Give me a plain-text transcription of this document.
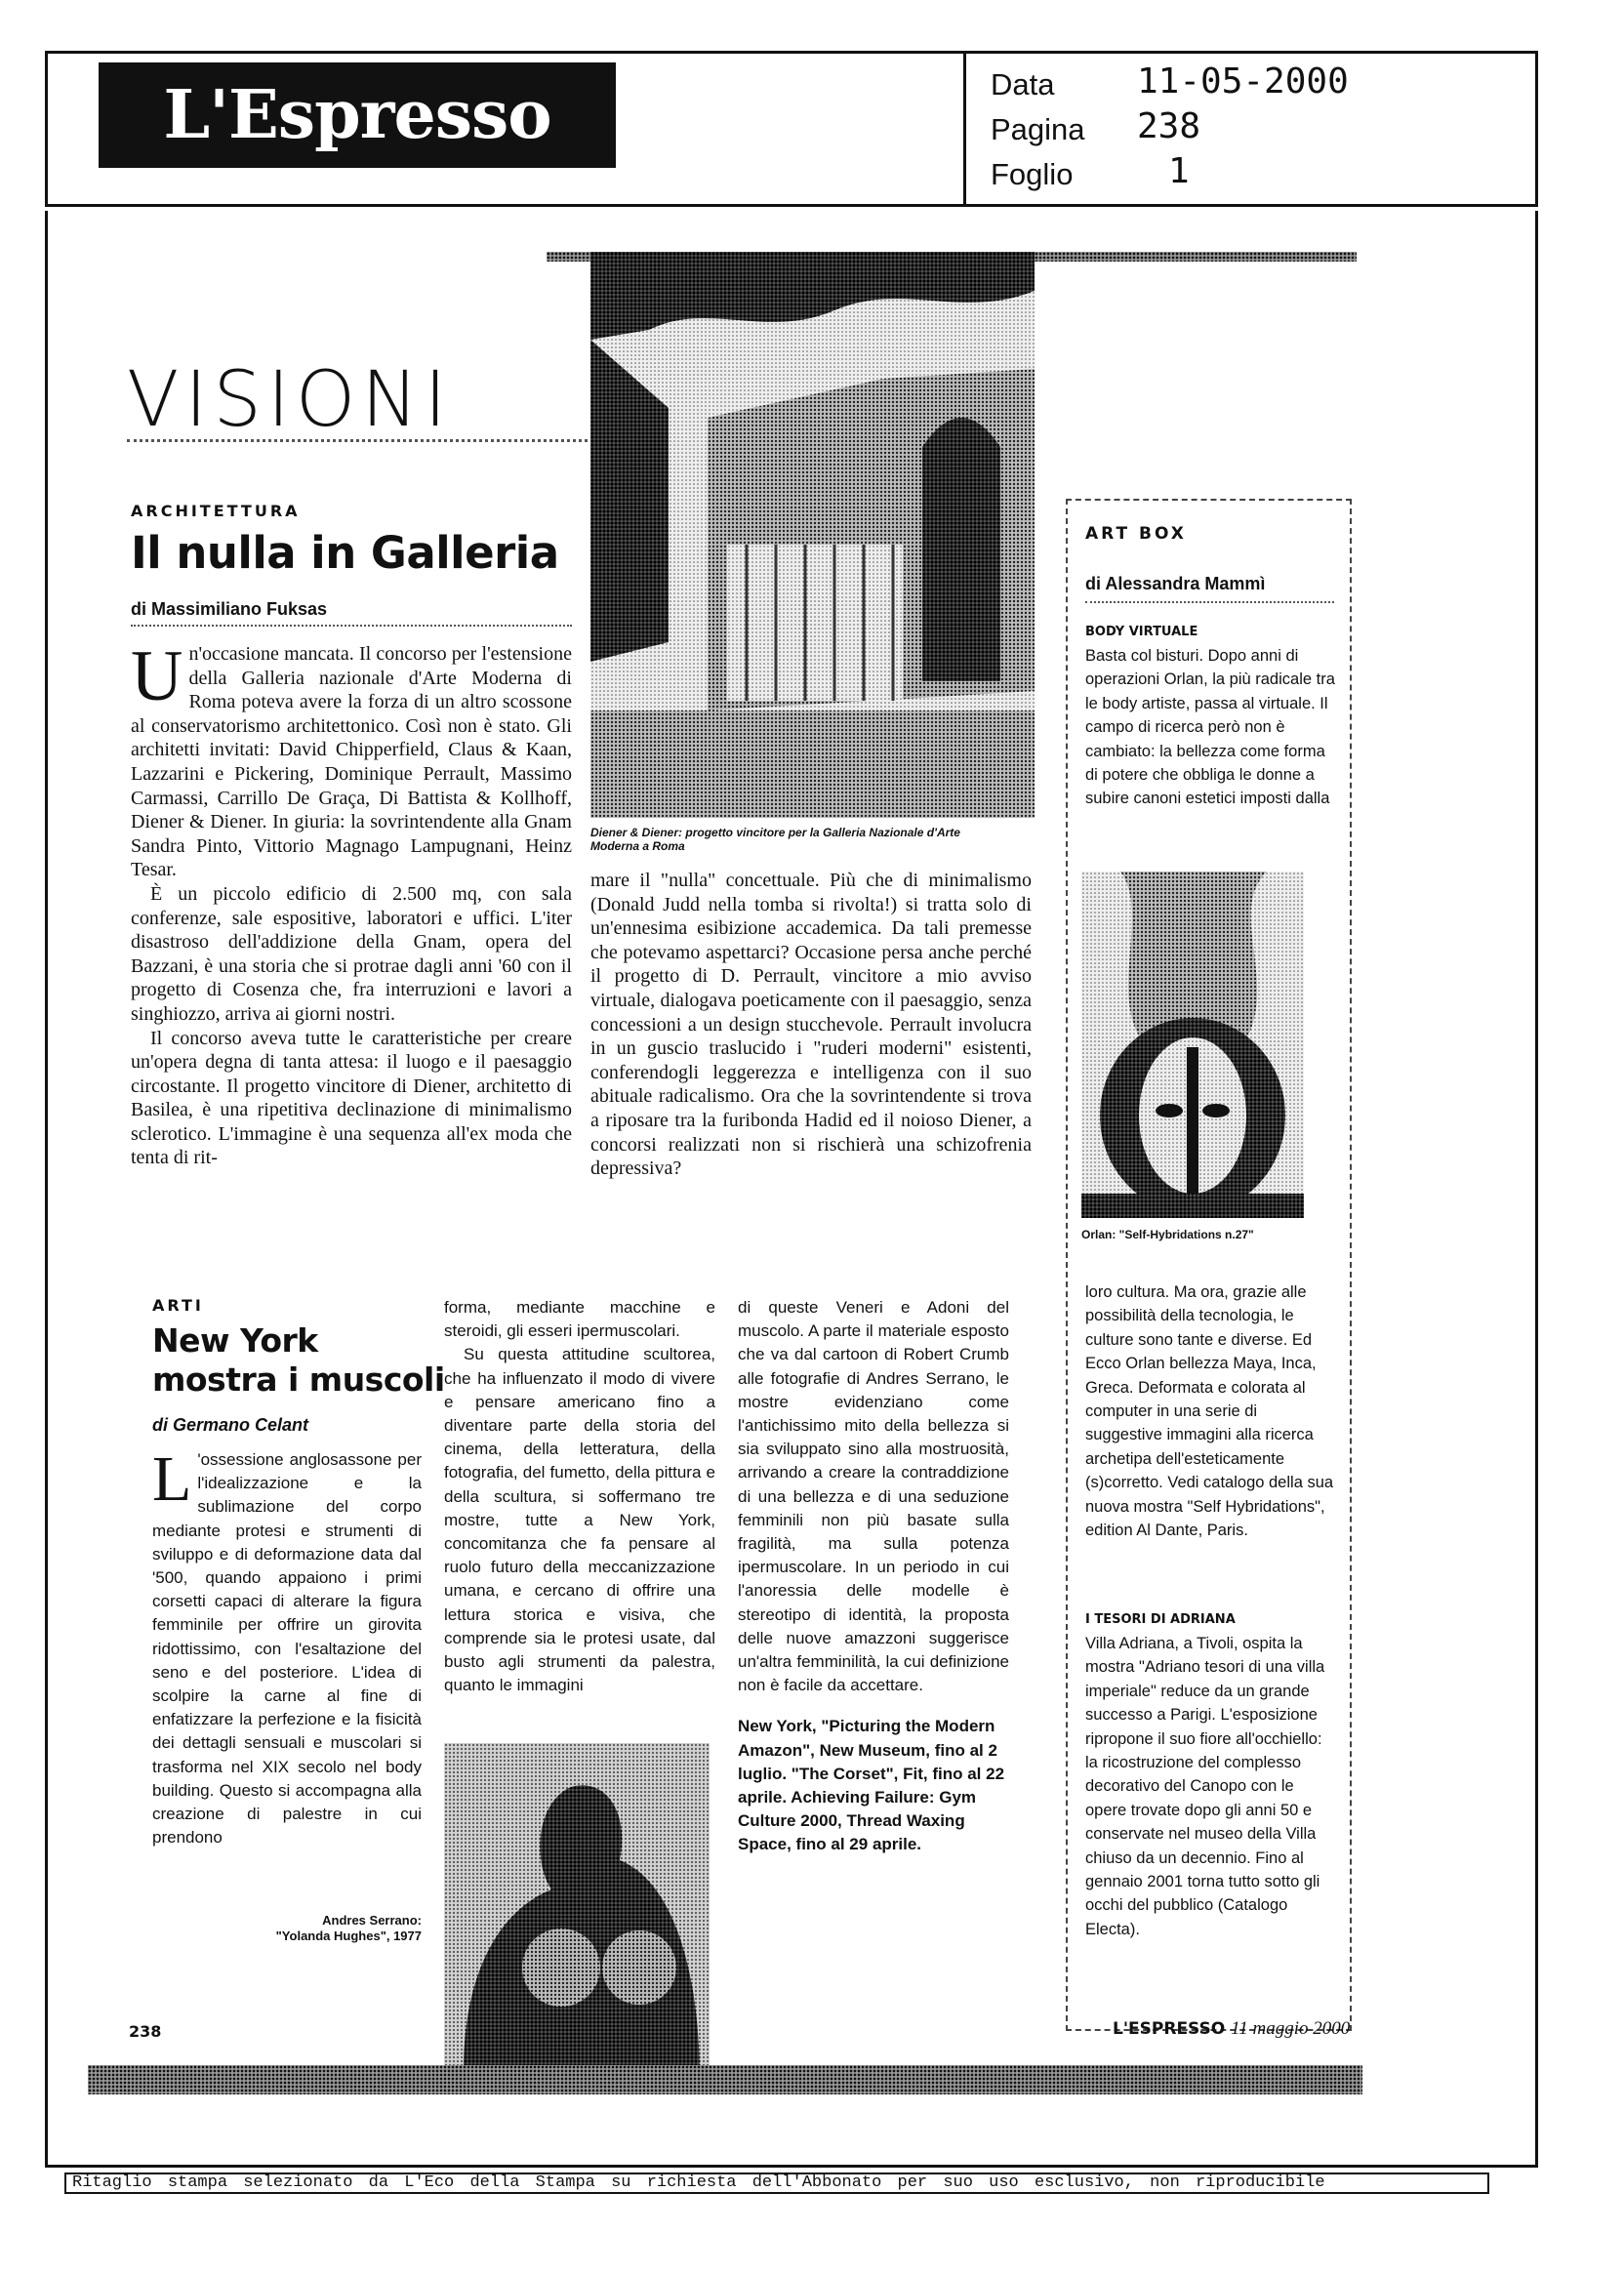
L'Espresso	Data 11-05-2000
Pagina 238
Foglio	1
VISIONI
ARCHITETTURA
Il nulla in Galleria
di Massimiliano Fuksas

Un'occasione mancata. Il concorso per l'estensione della Galleria nazionale d'Arte Moderna di Roma poteva avere la forza di un altro scossone al conservatorismo architettonico. Così non è stato. Gli architetti invitati: David Chipperfield, Claus & Kaan, Lazzarini e Pickering, Dominique Perrault, Massimo Carmassi, Carrillo De Graça, Di Battista & Kollhoff, Diener & Diener. In giuria: la sovrintendente alla Gnam Sandra Pinto, Vittorio Magnago Lampugnani, Heinz Tesar.

È un piccolo edificio di 2.500 mq, con sala conferenze, sale espositive, laboratori e uffici. L'iter disastroso dell'addizione della Gnam, opera del Bazzani, è una storia che si protrae dagli anni '60 con il progetto di Cosenza che, fra interruzioni e lavori a singhiozzo, arriva ai giorni nostri.

Il concorso aveva tutte le caratteristiche per creare un'opera degna di tanta attesa: il luogo e il paesaggio circostante. Il progetto vincitore di Diener, architetto di Basilea, è una ripetitiva declinazione di minimalismo sclerotico. L'immagine è una sequenza all'ex moda che tenta di rit-

Diener & Diener: progetto vincitore per la Galleria Nazionale d'Arte Moderna a Roma
mare il "nulla" concettuale. Più che di minimalismo (Donald Judd nella tomba si rivolta!) si tratta solo di un'ennesima esibizione accademica. Da tali premesse che potevamo aspettarci? Occasione persa anche perché il progetto di D. Perrault, vincitore a mio avviso virtuale, dialogava poeticamente con il paesaggio, senza concessioni a un design stucchevole. Perrault involucra in un guscio traslucido i "ruderi moderni" esistenti, conferendogli leggerezza e intelligenza con il suo abituale radicalismo. Ora che la sovrintendente si trova a riposare tra la furibonda Hadid ed il noioso Diener, a concorsi realizzati non si rischierà una schizofrenia depressiva?
ARTI
New York
mostra i muscoli
di Germano Celant

L 'ossessione anglosassone per l'idealizzazione e la sublimazione del corpo mediante protesi e strumenti di sviluppo e di deformazione data dal '500, quando appaiono i primi corsetti capaci di alterare la figura femminile per offrire un girovita ridottissimo, con l'esaltazione del seno e del posteriore. L'idea di scolpire la carne al fine di enfatizzare la perfezione e la fisicità dei dettagli sensuali e muscolari si trasforma nel XIX secolo nel body building. Questo si accompagna alla creazione di palestre in cui prendono

forma, mediante macchine e steroidi, gli esseri ipermuscolari.

Su questa attitudine scultorea, che ha influenzato il modo di vivere e pensare americano fino a diventare parte della storia del cinema, della letteratura, della fotografia, del fumetto, della pittura e della scultura, si soffermano tre mostre, tutte a New York, concomitanza che fa pensare al ruolo futuro della meccanizzazione umana, e cercano di offrire una lettura storica e visiva, che comprende sia le protesi usate, dal busto agli strumenti da palestra, quanto le immagini

Andres Serrano:
"Yolanda Hughes", 1977

di queste Veneri e Adoni del muscolo. A parte il materiale esposto che va dal cartoon di Robert Crumb alle fotografie di Andres Serrano, le mostre evidenziano come l'antichissimo mito della bellezza si sia sviluppato sino alla mostruosità, arrivando a creare la contraddizione di una bellezza e di una seduzione femminili non più basate sulla fragilità, ma sulla potenza ipermuscolare. In un periodo in cui l'anoressia delle modelle è stereotipo di identità, la proposta delle nuove amazzoni suggerisce un'altra femminilità, la cui definizione non è facile da accettare.

New York, "Picturing the Modern Amazon", New Museum, fino al 2 luglio. "The Corset", Fit, fino al 22 aprile. Achieving Failure: Gym Culture 2000, Thread Waxing Space, fino al 29 aprile.

ART BOX
di Alessandra Mammì
BODY VIRTUALE
Basta col bisturi. Dopo anni di operazioni Orlan, la più radicale tra le body artiste, passa al virtuale. Il campo di ricerca però non è cambiato: la bellezza come forma di potere che obbliga le donne a subire canoni estetici imposti dalla
Orlan: "Self-Hybridations n.27"
loro cultura. Ma ora, grazie alle possibilità della tecnologia, le culture sono tante e diverse. Ed Ecco Orlan bellezza Maya, Inca, Greca. Deformata e colorata al computer in una serie di suggestive immagini alla ricerca archetipa dell'esteticamente (s)corretto. Vedi catalogo della sua nuova mostra "Self Hybridations", edition Al Dante, Paris.
I TESORI DI ADRIANA
Villa Adriana, a Tivoli, ospita la mostra "Adriano tesori di una villa imperiale" reduce da un grande successo a Parigi. L'esposizione ripropone il suo fiore all'occhiello: la ricostruzione del complesso decorativo del Canopo con le opere trovate dopo gli anni 50 e conservate nel museo della Villa chiuso da un decennio. Fino al gennaio 2001 torna tutto sotto gli occhi del pubblico (Catalogo Electa).
238	L'ESPRESSO 11 maggio 2000
Ritaglio stampa selezionato da L'Eco della Stampa su richiesta dell'Abbonato per suo uso esclusivo, non riproducibile
